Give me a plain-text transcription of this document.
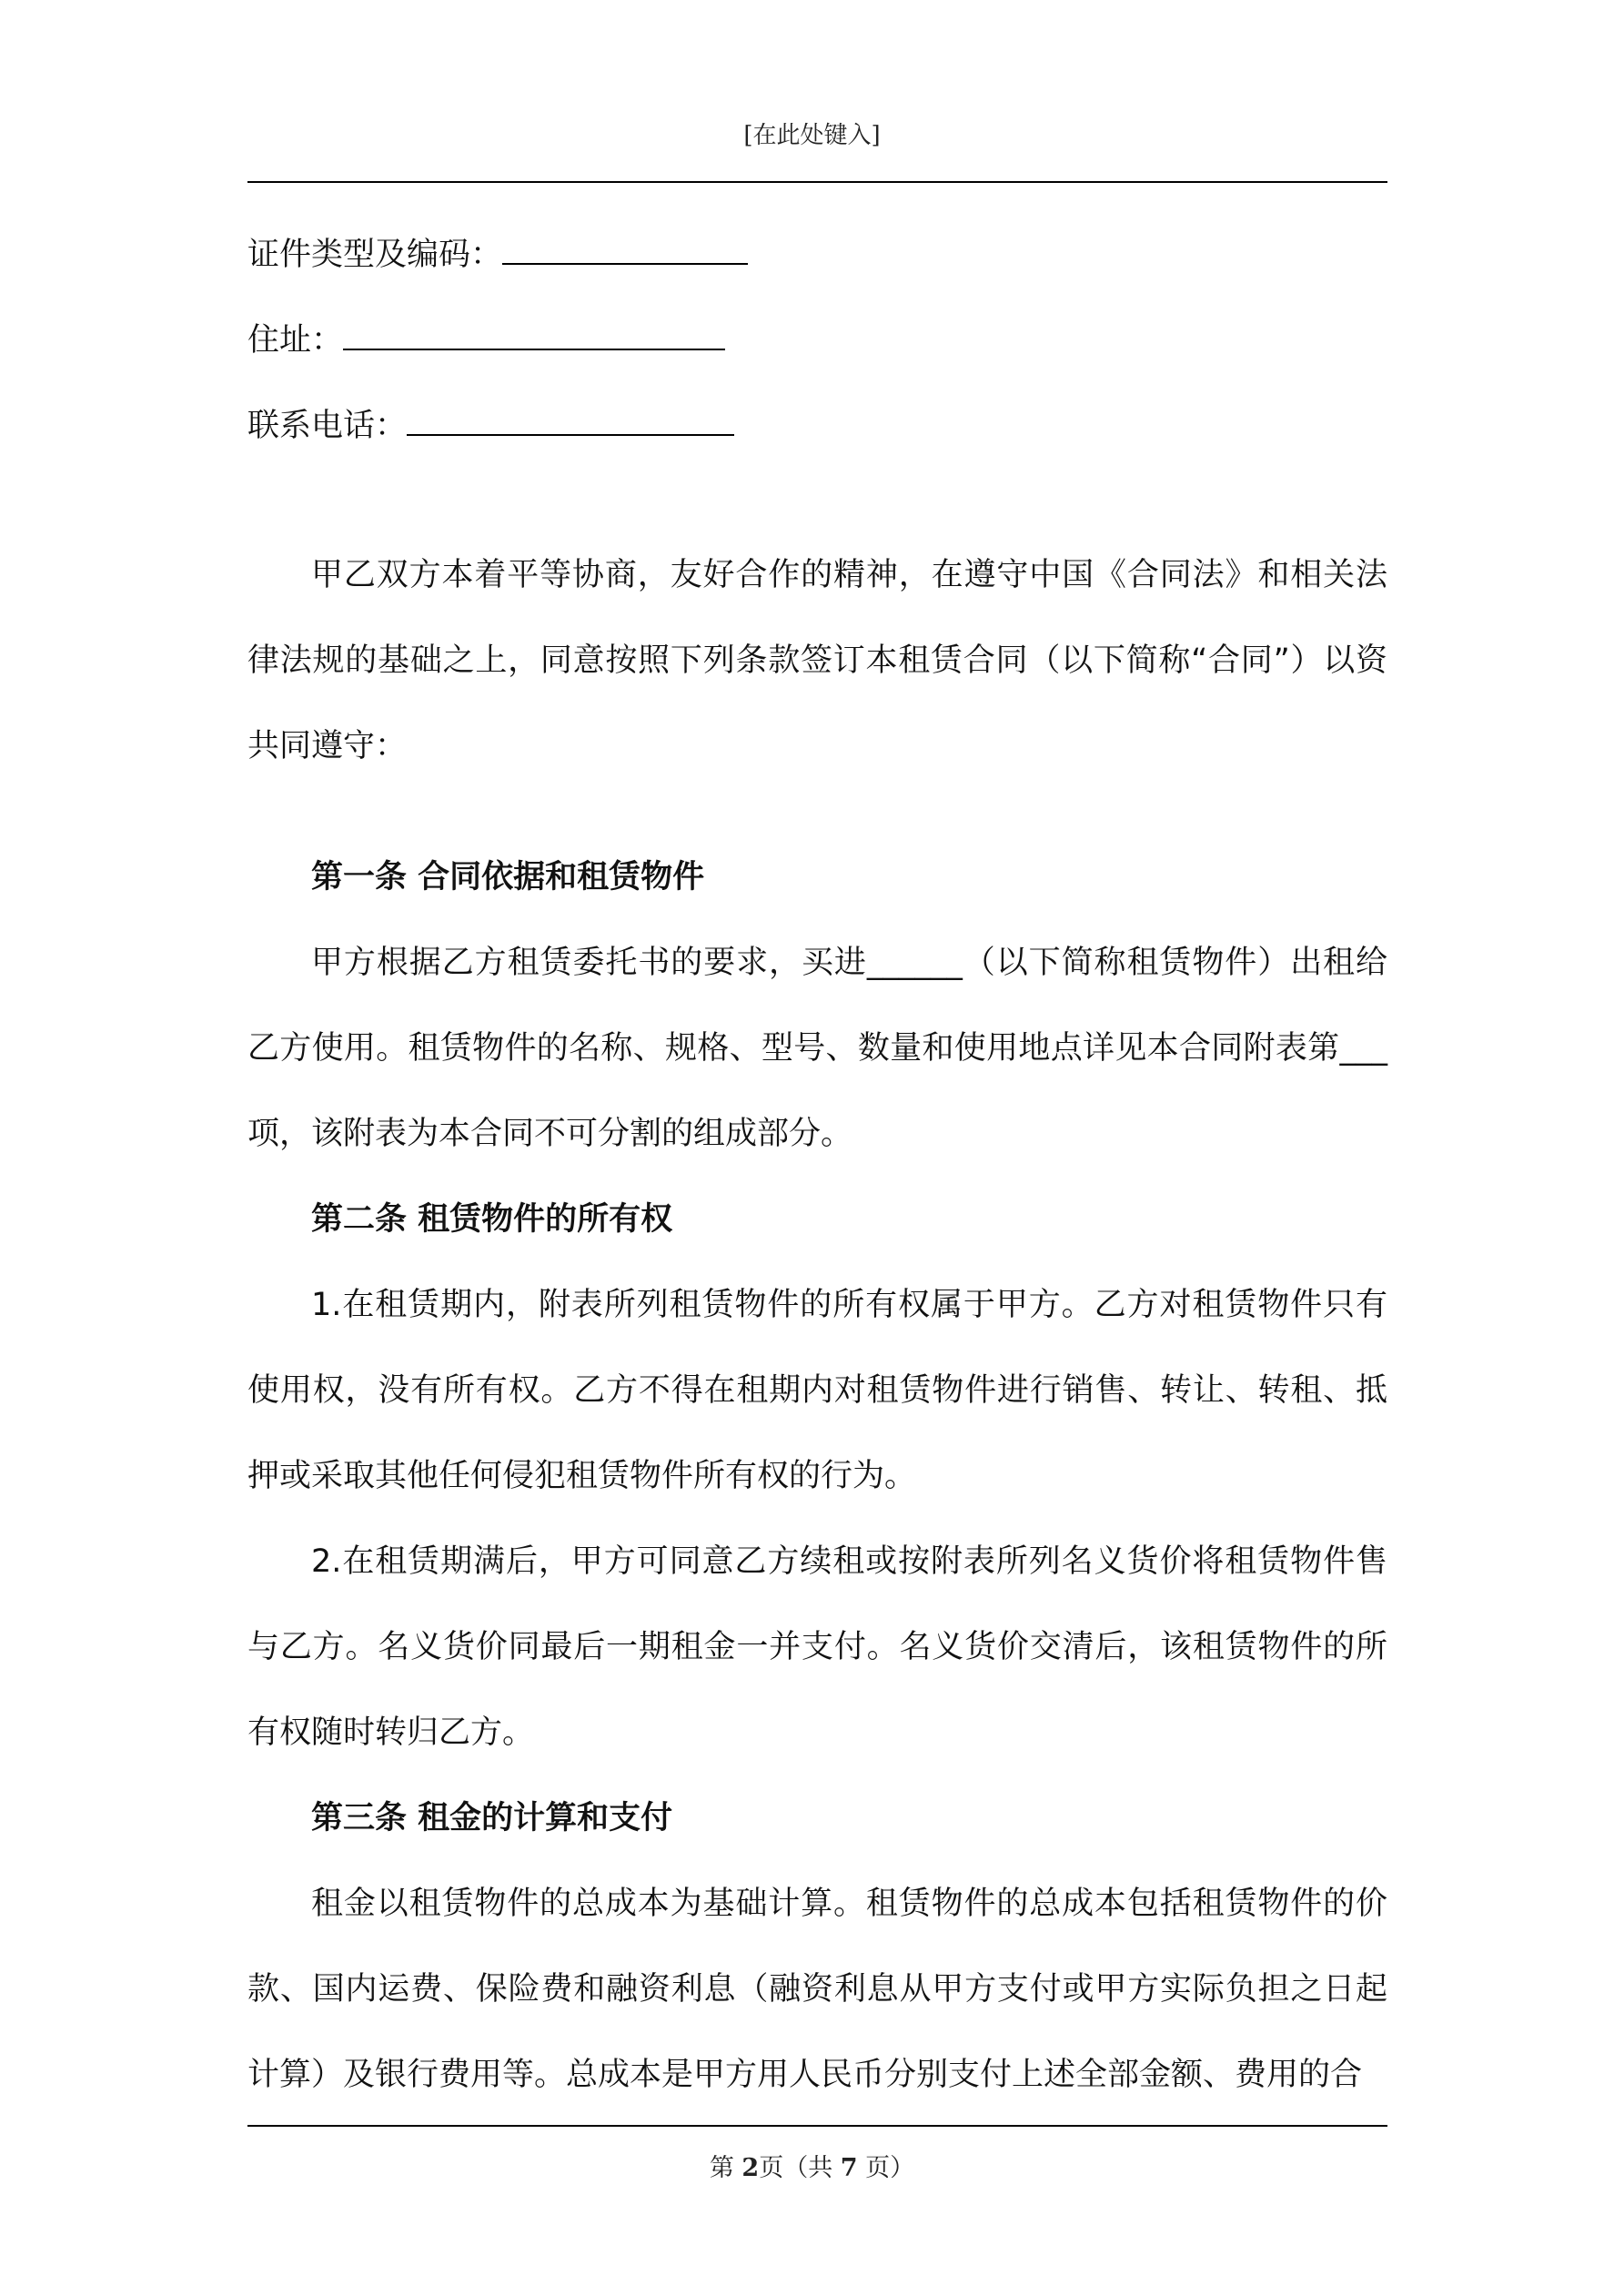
[在此处键入]
证件类型及编码：
住址：
联系电话：

甲乙双方本着平等协商，友好合作的精神，在遵守中国《合同法》和相关法律法规的基础之上，同意按照下列条款签订本租赁合同（以下简称“合同”）以资共同遵守：

第一条 合同依据和租赁物件

甲方根据乙方租赁委托书的要求，买进______（以下简称租赁物件）出租给乙方使用。租赁物件的名称、规格、型号、数量和使用地点详见本合同附表第___项，该附表为本合同不可分割的组成部分。

第二条 租赁物件的所有权

1.在租赁期内，附表所列租赁物件的所有权属于甲方。乙方对租赁物件只有使用权，没有所有权。乙方不得在租期内对租赁物件进行销售、转让、转租、抵押或采取其他任何侵犯租赁物件所有权的行为。

2.在租赁期满后，甲方可同意乙方续租或按附表所列名义货价将租赁物件售与乙方。名义货价同最后一期租金一并支付。名义货价交清后，该租赁物件的所有权随时转归乙方。

第三条 租金的计算和支付

租金以租赁物件的总成本为基础计算。租赁物件的总成本包括租赁物件的价款、国内运费、保险费和融资利息（融资利息从甲方支付或甲方实际负担之日起计算）及银行费用等。总成本是甲方用人民币分别支付上述全部金额、费用的合

第 2页（共 7 页）
